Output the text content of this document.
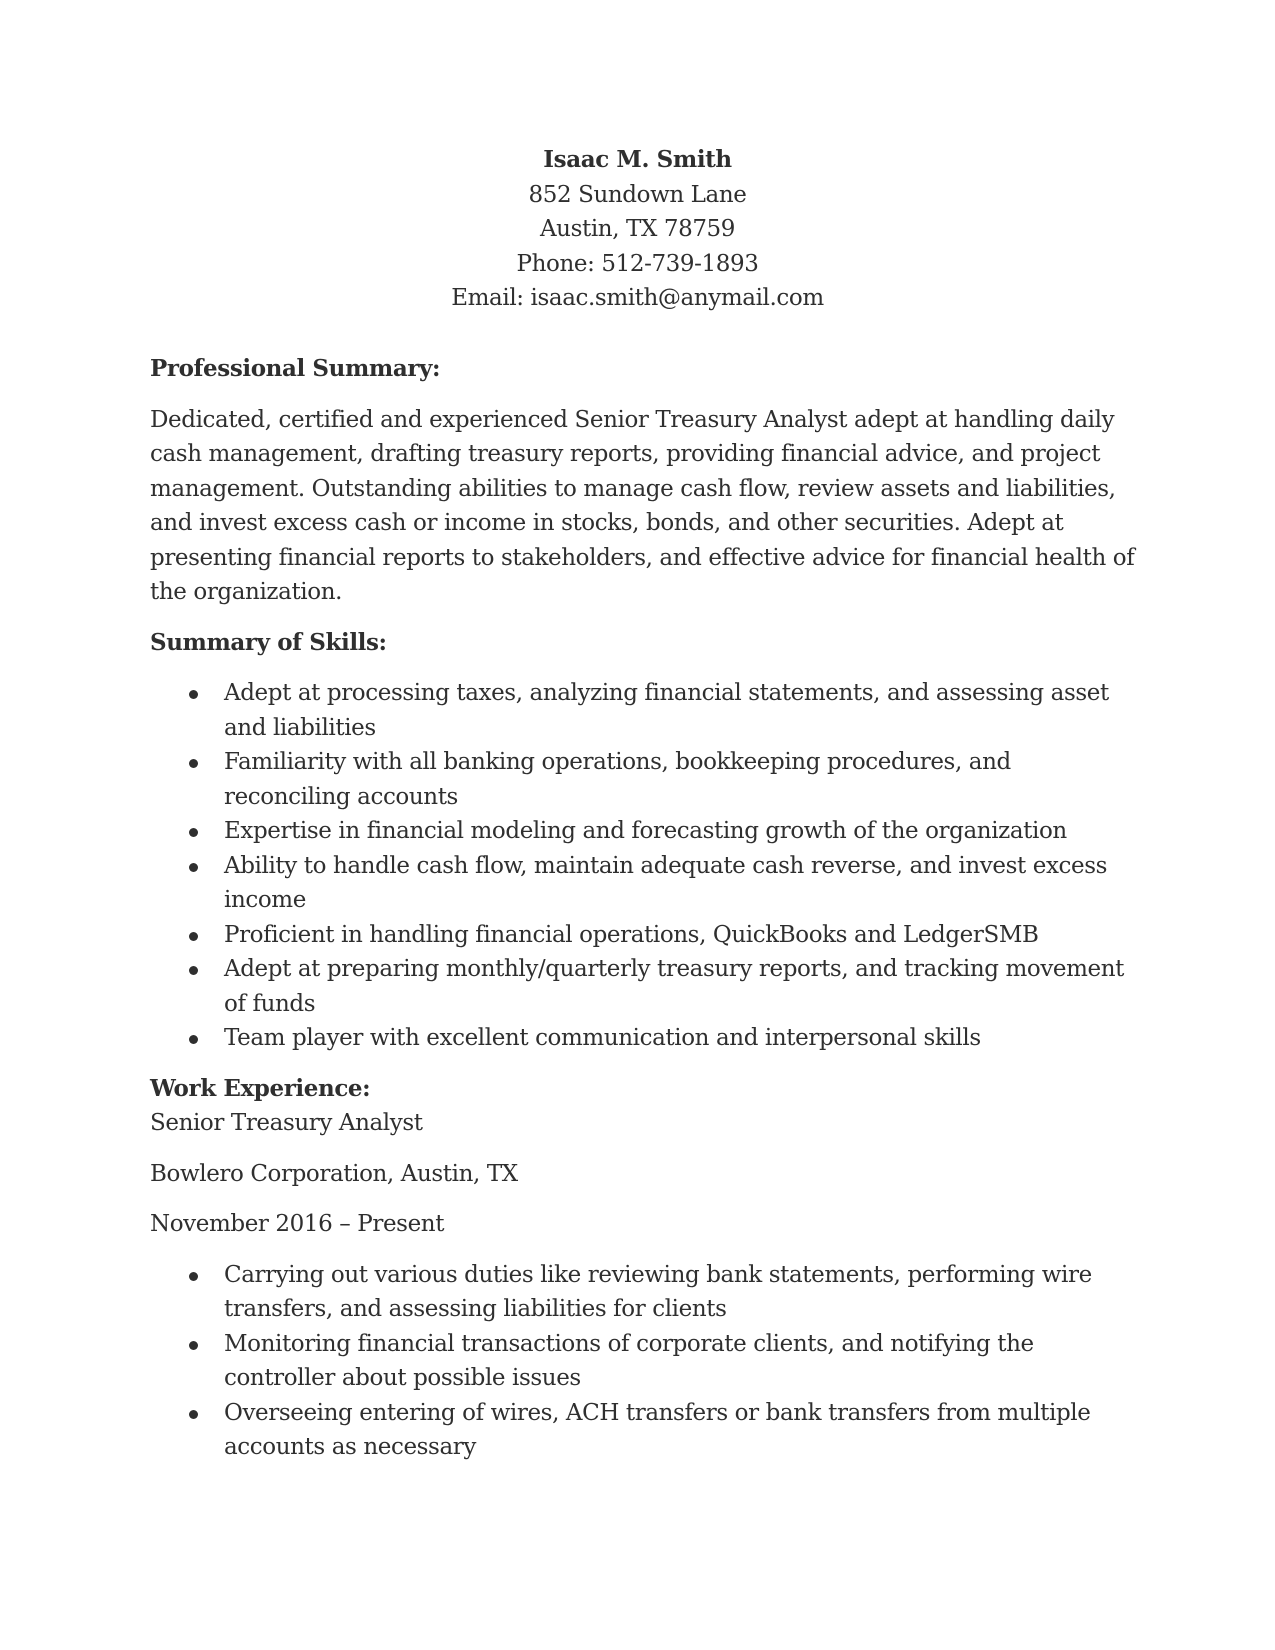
Isaac M. Smith
852 Sundown Lane
Austin, TX 78759
Phone: 512-739-1893
Email: isaac.smith@anymail.com
Professional Summary:

Dedicated, certified and experienced Senior Treasury Analyst adept at handling daily cash management, drafting treasury reports, providing financial advice, and project management. Outstanding abilities to manage cash flow, review assets and liabilities, and invest excess cash or income in stocks, bonds, and other securities. Adept at presenting financial reports to stakeholders, and effective advice for financial health of the organization.

Summary of Skills:
Adept at processing taxes, analyzing financial statements, and assessing asset and liabilities
Familiarity with all banking operations, bookkeeping procedures, and reconciling accounts
Expertise in financial modeling and forecasting growth of the organization
Ability to handle cash flow, maintain adequate cash reverse, and invest excess income
Proficient in handling financial operations, QuickBooks and LedgerSMB
Adept at preparing monthly/quarterly treasury reports, and tracking movement of funds
Team player with excellent communication and interpersonal skills
Work Experience:

Senior Treasury Analyst

Bowlero Corporation, Austin, TX

November 2016 – Present

Carrying out various duties like reviewing bank statements, performing wire transfers, and assessing liabilities for clients
Monitoring financial transactions of corporate clients, and notifying the controller about possible issues
Overseeing entering of wires, ACH transfers or bank transfers from multiple accounts as necessary
